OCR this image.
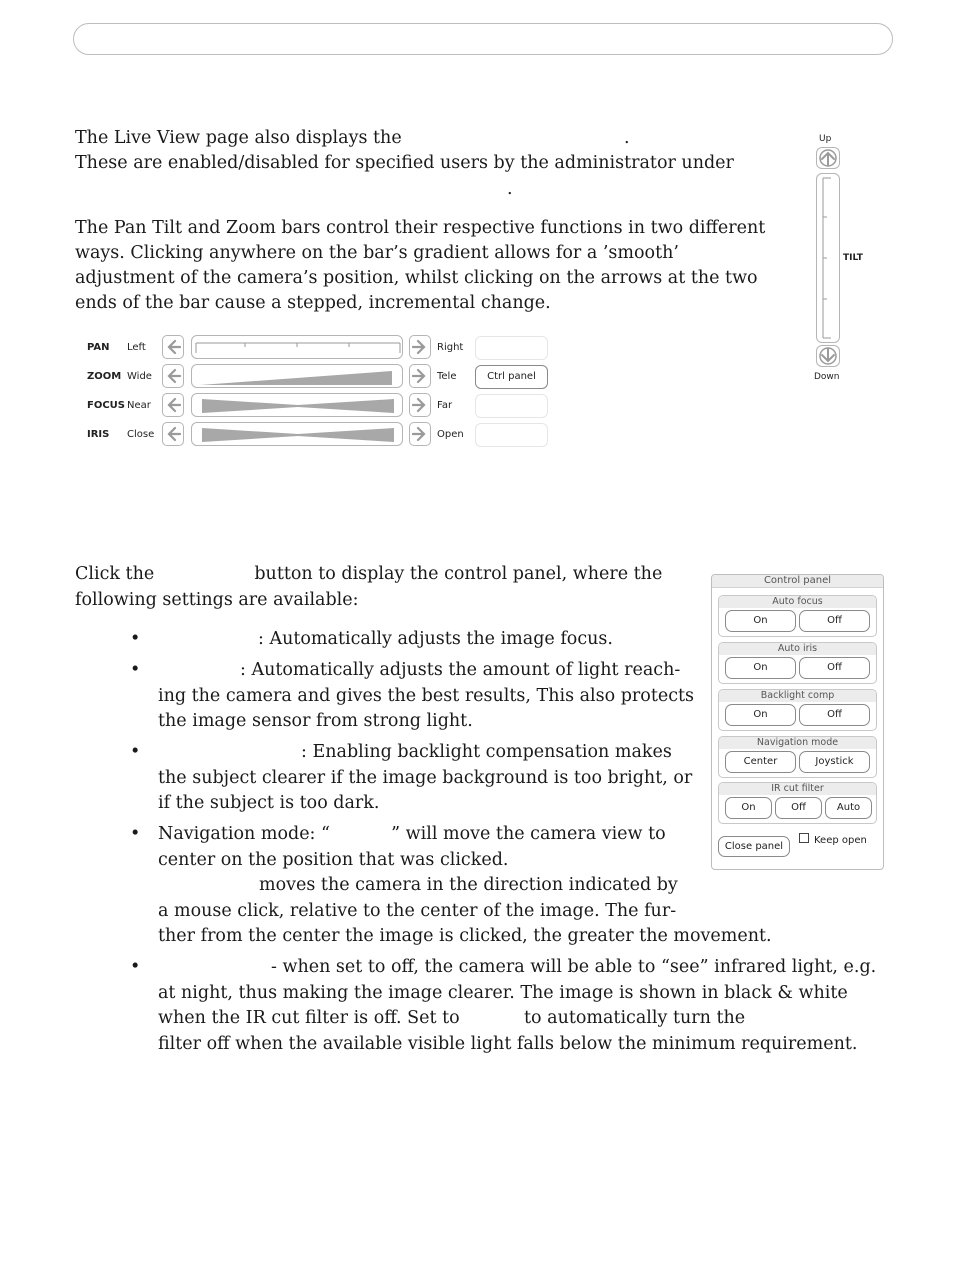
The Live View page also displays the	.

These are enabled/disabled for specified users by the administrator under

.

The Pan Tilt and Zoom bars control their respective functions in two different

ways. Clicking anywhere on the bar’s gradient allows for a ’smooth’

adjustment of the camera’s position, whilst clicking on the arrows at the two

ends of the bar cause a stepped, incremental change.

PAN Left	Right
ZOOM Wide	Tele	Ctrl panel
FOCUS Near	Far
IRIS Close	Open
Up
TILT
Down

Click the                  button to display the control panel, where the

following settings are available:

•	: Automatically adjusts the image focus.

•	: Automatically adjusts the amount of light reach-

ing the camera and gives the best results, This also protects

the image sensor from strong light.

•	: Enabling backlight compensation makes

the subject clearer if the image background is too bright, or

if the subject is too dark.

• Navigation mode: “           ” will move the camera view to

center on the position that was clicked.

moves the camera in the direction indicated by

a mouse click, relative to the center of the image. The fur-

ther from the center the image is clicked, the greater the movement.

•	- when set to off, the camera will be able to “see” infrared light, e.g.

at night, thus making the image clearer. The image is shown in black & white

when the IR cut filter is off. Set to	to automatically turn the

filter off when the available visible light falls below the minimum requirement.

Control panel
Auto focus
On	Off
Auto iris
On	Off
Backlight comp
On	Off
Navigation mode
Center	Joystick
IR cut filter
On	Off	Auto
Close panel
Keep open
